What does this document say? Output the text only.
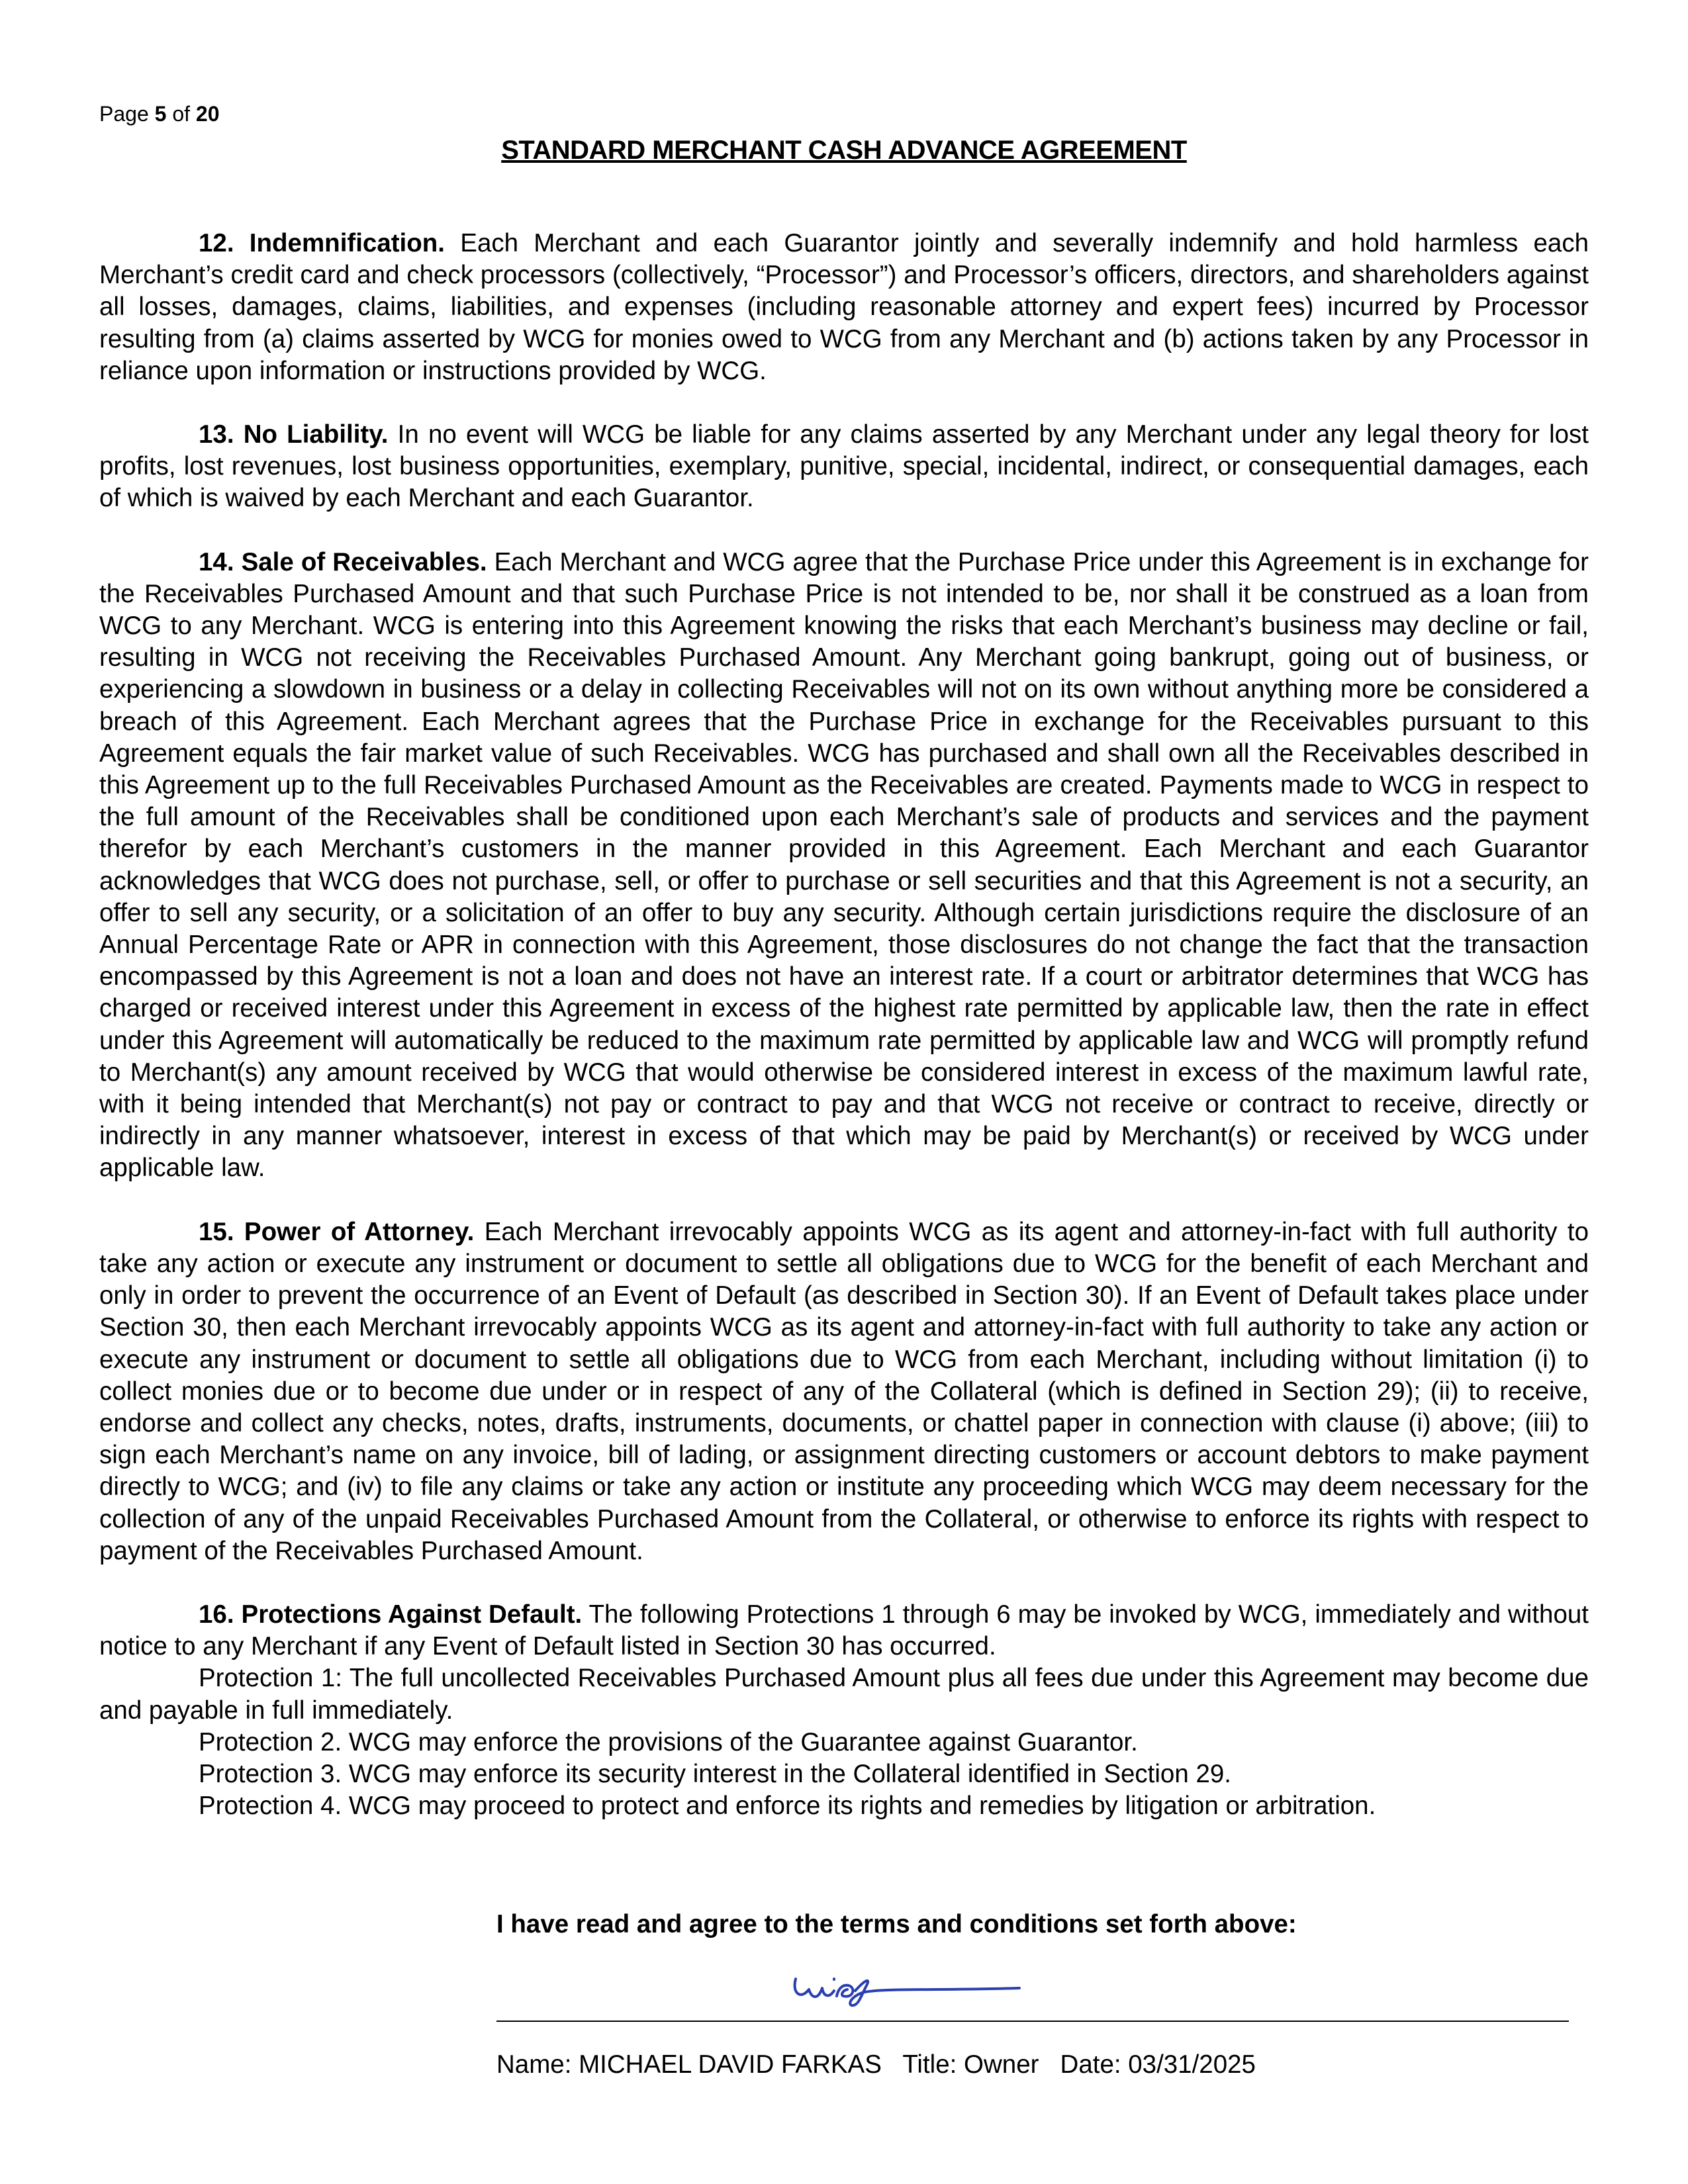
Page 5 of 20
STANDARD MERCHANT CASH ADVANCE AGREEMENT

12. Indemnification. Each Merchant and each Guarantor jointly and severally indemnify and hold harmless each Merchant’s credit card and check processors (collectively, “Processor”) and Processor’s officers, directors, and shareholders against all losses, damages, claims, liabilities, and expenses (including reasonable attorney and expert fees) incurred by Processor resulting from (a) claims asserted by WCG for monies owed to WCG from any Merchant and (b) actions taken by any Processor in reliance upon information or instructions provided by WCG.

13. No Liability. In no event will WCG be liable for any claims asserted by any Merchant under any legal theory for lost profits, lost revenues, lost business opportunities, exemplary, punitive, special, incidental, indirect, or consequential damages, each of which is waived by each Merchant and each Guarantor.

14. Sale of Receivables. Each Merchant and WCG agree that the Purchase Price under this Agreement is in exchange for the Receivables Purchased Amount and that such Purchase Price is not intended to be, nor shall it be construed as a loan from WCG to any Merchant. WCG is entering into this Agreement knowing the risks that each Merchant’s business may decline or fail, resulting in WCG not receiving the Receivables Purchased Amount. Any Merchant going bankrupt, going out of business, or experiencing a slowdown in business or a delay in collecting Receivables will not on its own without anything more be considered a breach of this Agreement. Each Merchant agrees that the Purchase Price in exchange for the Receivables pursuant to this Agreement equals the fair market value of such Receivables. WCG has purchased and shall own all the Receivables described in this Agreement up to the full Receivables Purchased Amount as the Receivables are created. Payments made to WCG in respect to the full amount of the Receivables shall be conditioned upon each Merchant’s sale of products and services and the payment therefor by each Merchant’s customers in the manner provided in this Agreement. Each Merchant and each Guarantor acknowledges that WCG does not purchase, sell, or offer to purchase or sell securities and that this Agreement is not a security, an offer to sell any security, or a solicitation of an offer to buy any security. Although certain jurisdictions require the disclosure of an Annual Percentage Rate or APR in connection with this Agreement, those disclosures do not change the fact that the transaction encompassed by this Agreement is not a loan and does not have an interest rate. If a court or arbitrator determines that WCG has charged or received interest under this Agreement in excess of the highest rate permitted by applicable law, then the rate in effect under this Agreement will automatically be reduced to the maximum rate permitted by applicable law and WCG will promptly refund to Merchant(s) any amount received by WCG that would otherwise be considered interest in excess of the maximum lawful rate, with it being intended that Merchant(s) not pay or contract to pay and that WCG not receive or contract to receive, directly or indirectly in any manner whatsoever, interest in excess of that which may be paid by Merchant(s) or received by WCG under applicable law.

15. Power of Attorney. Each Merchant irrevocably appoints WCG as its agent and attorney-in-fact with full authority to take any action or execute any instrument or document to settle all obligations due to WCG for the benefit of each Merchant and only in order to prevent the occurrence of an Event of Default (as described in Section 30). If an Event of Default takes place under Section 30, then each Merchant irrevocably appoints WCG as its agent and attorney-in-fact with full authority to take any action or execute any instrument or document to settle all obligations due to WCG from each Merchant, including without limitation (i) to collect monies due or to become due under or in respect of any of the Collateral (which is defined in Section 29); (ii) to receive, endorse and collect any checks, notes, drafts, instruments, documents, or chattel paper in connection with clause (i) above; (iii) to sign each Merchant’s name on any invoice, bill of lading, or assignment directing customers or account debtors to make payment directly to WCG; and (iv) to file any claims or take any action or institute any proceeding which WCG may deem necessary for the collection of any of the unpaid Receivables Purchased Amount from the Collateral, or otherwise to enforce its rights with respect to payment of the Receivables Purchased Amount.

16. Protections Against Default. The following Protections 1 through 6 may be invoked by WCG, immediately and without notice to any Merchant if any Event of Default listed in Section 30 has occurred.

Protection 1: The full uncollected Receivables Purchased Amount plus all fees due under this Agreement may become due and payable in full immediately.

Protection 2. WCG may enforce the provisions of the Guarantee against Guarantor.

Protection 3. WCG may enforce its security interest in the Collateral identified in Section 29.

Protection 4. WCG may proceed to protect and enforce its rights and remedies by litigation or arbitration.

I have read and agree to the terms and conditions set forth above:
Name: MICHAEL DAVID FARKAS Title: Owner Date: 03/31/2025
